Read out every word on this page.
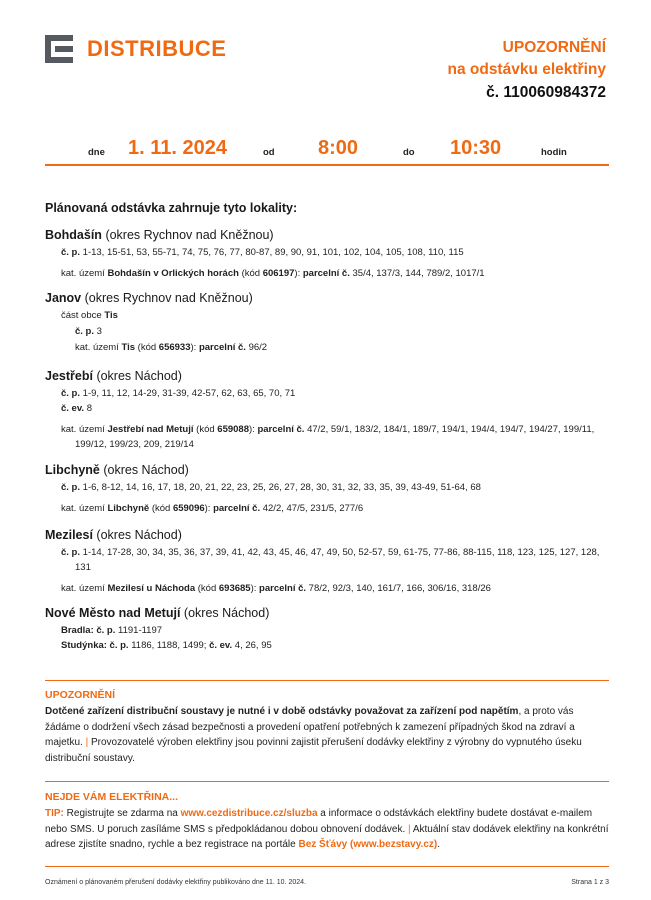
DISTRIBUCE	UPOZORNĚNÍ
na odstávku elektřiny
č. 110060984372
dne 1. 11. 2024	od 8:00	do 10:30	hodin
Plánovaná odstávka zahrnuje tyto lokality:
Bohdašín (okres Rychnov nad Kněžnou)
č. p. 1-13, 15-51, 53, 55-71, 74, 75, 76, 77, 80-87, 89, 90, 91, 101, 102, 104, 105, 108, 110, 115
kat. území Bohdašín v Orlických horách (kód 606197): parcelní č. 35/4, 137/3, 144, 789/2, 1017/1
Janov (okres Rychnov nad Kněžnou)
část obce Tis
č. p. 3
kat. území Tis (kód 656933): parcelní č. 96/2
Jestřebí (okres Náchod)
č. p. 1-9, 11, 12, 14-29, 31-39, 42-57, 62, 63, 65, 70, 71
č. ev. 8
kat. území Jestřebí nad Metují (kód 659088): parcelní č. 47/2, 59/1, 183/2, 184/1, 189/7, 194/1, 194/4, 194/7, 194/27, 199/11, 199/12, 199/23, 209, 219/14
Libchyně (okres Náchod)
č. p. 1-6, 8-12, 14, 16, 17, 18, 20, 21, 22, 23, 25, 26, 27, 28, 30, 31, 32, 33, 35, 39, 43-49, 51-64, 68
kat. území Libchyně (kód 659096): parcelní č. 42/2, 47/5, 231/5, 277/6
Mezilesí (okres Náchod)
č. p. 1-14, 17-28, 30, 34, 35, 36, 37, 39, 41, 42, 43, 45, 46, 47, 49, 50, 52-57, 59, 61-75, 77-86, 88-115, 118, 123, 125, 127, 128, 131
kat. území Mezilesí u Náchoda (kód 693685): parcelní č. 78/2, 92/3, 140, 161/7, 166, 306/16, 318/26
Nové Město nad Metují (okres Náchod)
Bradla: č. p. 1191-1197
Studýnka: č. p. 1186, 1188, 1499; č. ev. 4, 26, 95
UPOZORNĚNÍ
Dotčené zařízení distribuční soustavy je nutné i v době odstávky považovat za zařízení pod napětím, a proto vás žádáme o dodržení všech zásad bezpečnosti a provedení opatření potřebných k zamezení případných škod na zdraví a majetku. | Provozovatelé výroben elektřiny jsou povinni zajistit přerušení dodávky elektřiny z výrobny do vypnutého úseku distribuční soustavy.
NEJDE VÁM ELEKTŘINA...
TIP: Registrujte se zdarma na www.cezdistribuce.cz/sluzba a informace o odstávkách elektřiny budete dostávat e-mailem nebo SMS. U poruch zasíláme SMS s předpokládanou dobou obnovení dodávek. | Aktuální stav dodávek elektřiny na konkrétní adrese zjistíte snadno, rychle a bez registrace na portále Bez Šťávy (www.bezstavy.cz).
Oznámení o plánovaném přerušení dodávky elektřiny publikováno dne 11. 10. 2024.	Strana 1 z 3
